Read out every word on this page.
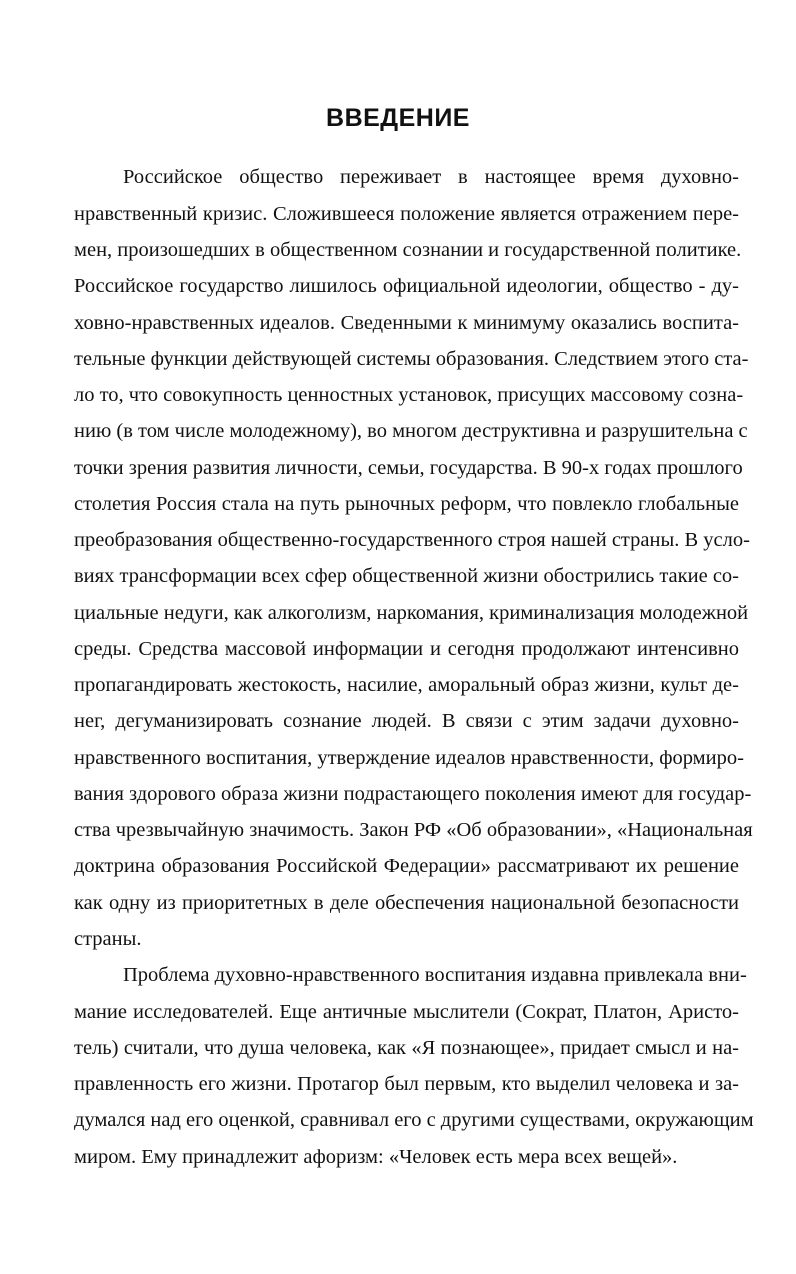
ВВЕДЕНИЕ
Российское общество переживает в настоящее время духовно-
нравственный кризис. Сложившееся положение является отражением пере-
мен, произошедших в общественном сознании и государственной политике.
Российское государство лишилось официальной идеологии, общество - ду-
ховно-нравственных идеалов. Сведенными к минимуму оказались воспита-
тельные функции действующей системы образования. Следствием этого ста-
ло то, что совокупность ценностных установок, присущих массовому созна-
нию (в том числе молодежному), во многом деструктивна и разрушительна с
точки зрения развития личности, семьи, государства. В 90-х годах прошлого
столетия Россия стала на путь рыночных реформ, что повлекло глобальные
преобразования общественно-государственного строя нашей страны. В усло-
виях трансформации всех сфер общественной жизни обострились такие со-
циальные недуги, как алкоголизм, наркомания, криминализация молодежной
среды. Средства массовой информации и сегодня продолжают интенсивно
пропагандировать жестокость, насилие, аморальный образ жизни, культ де-
нег, дегуманизировать сознание людей. В связи с этим задачи духовно-
нравственного воспитания, утверждение идеалов нравственности, формиро-
вания здорового образа жизни подрастающего поколения имеют для государ-
ства чрезвычайную значимость. Закон РФ «Об образовании», «Национальная
доктрина образования Российской Федерации» рассматривают их решение
как одну из приоритетных в деле обеспечения национальной безопасности
страны.
Проблема духовно-нравственного воспитания издавна привлекала вни-
мание исследователей. Еще античные мыслители (Сократ, Платон, Аристо-
тель) считали, что душа человека, как «Я познающее», придает смысл и на-
правленность его жизни. Протагор был первым, кто выделил человека и за-
думался над его оценкой, сравнивал его с другими существами, окружающим
миром. Ему принадлежит афоризм: «Человек есть мера всех вещей».
